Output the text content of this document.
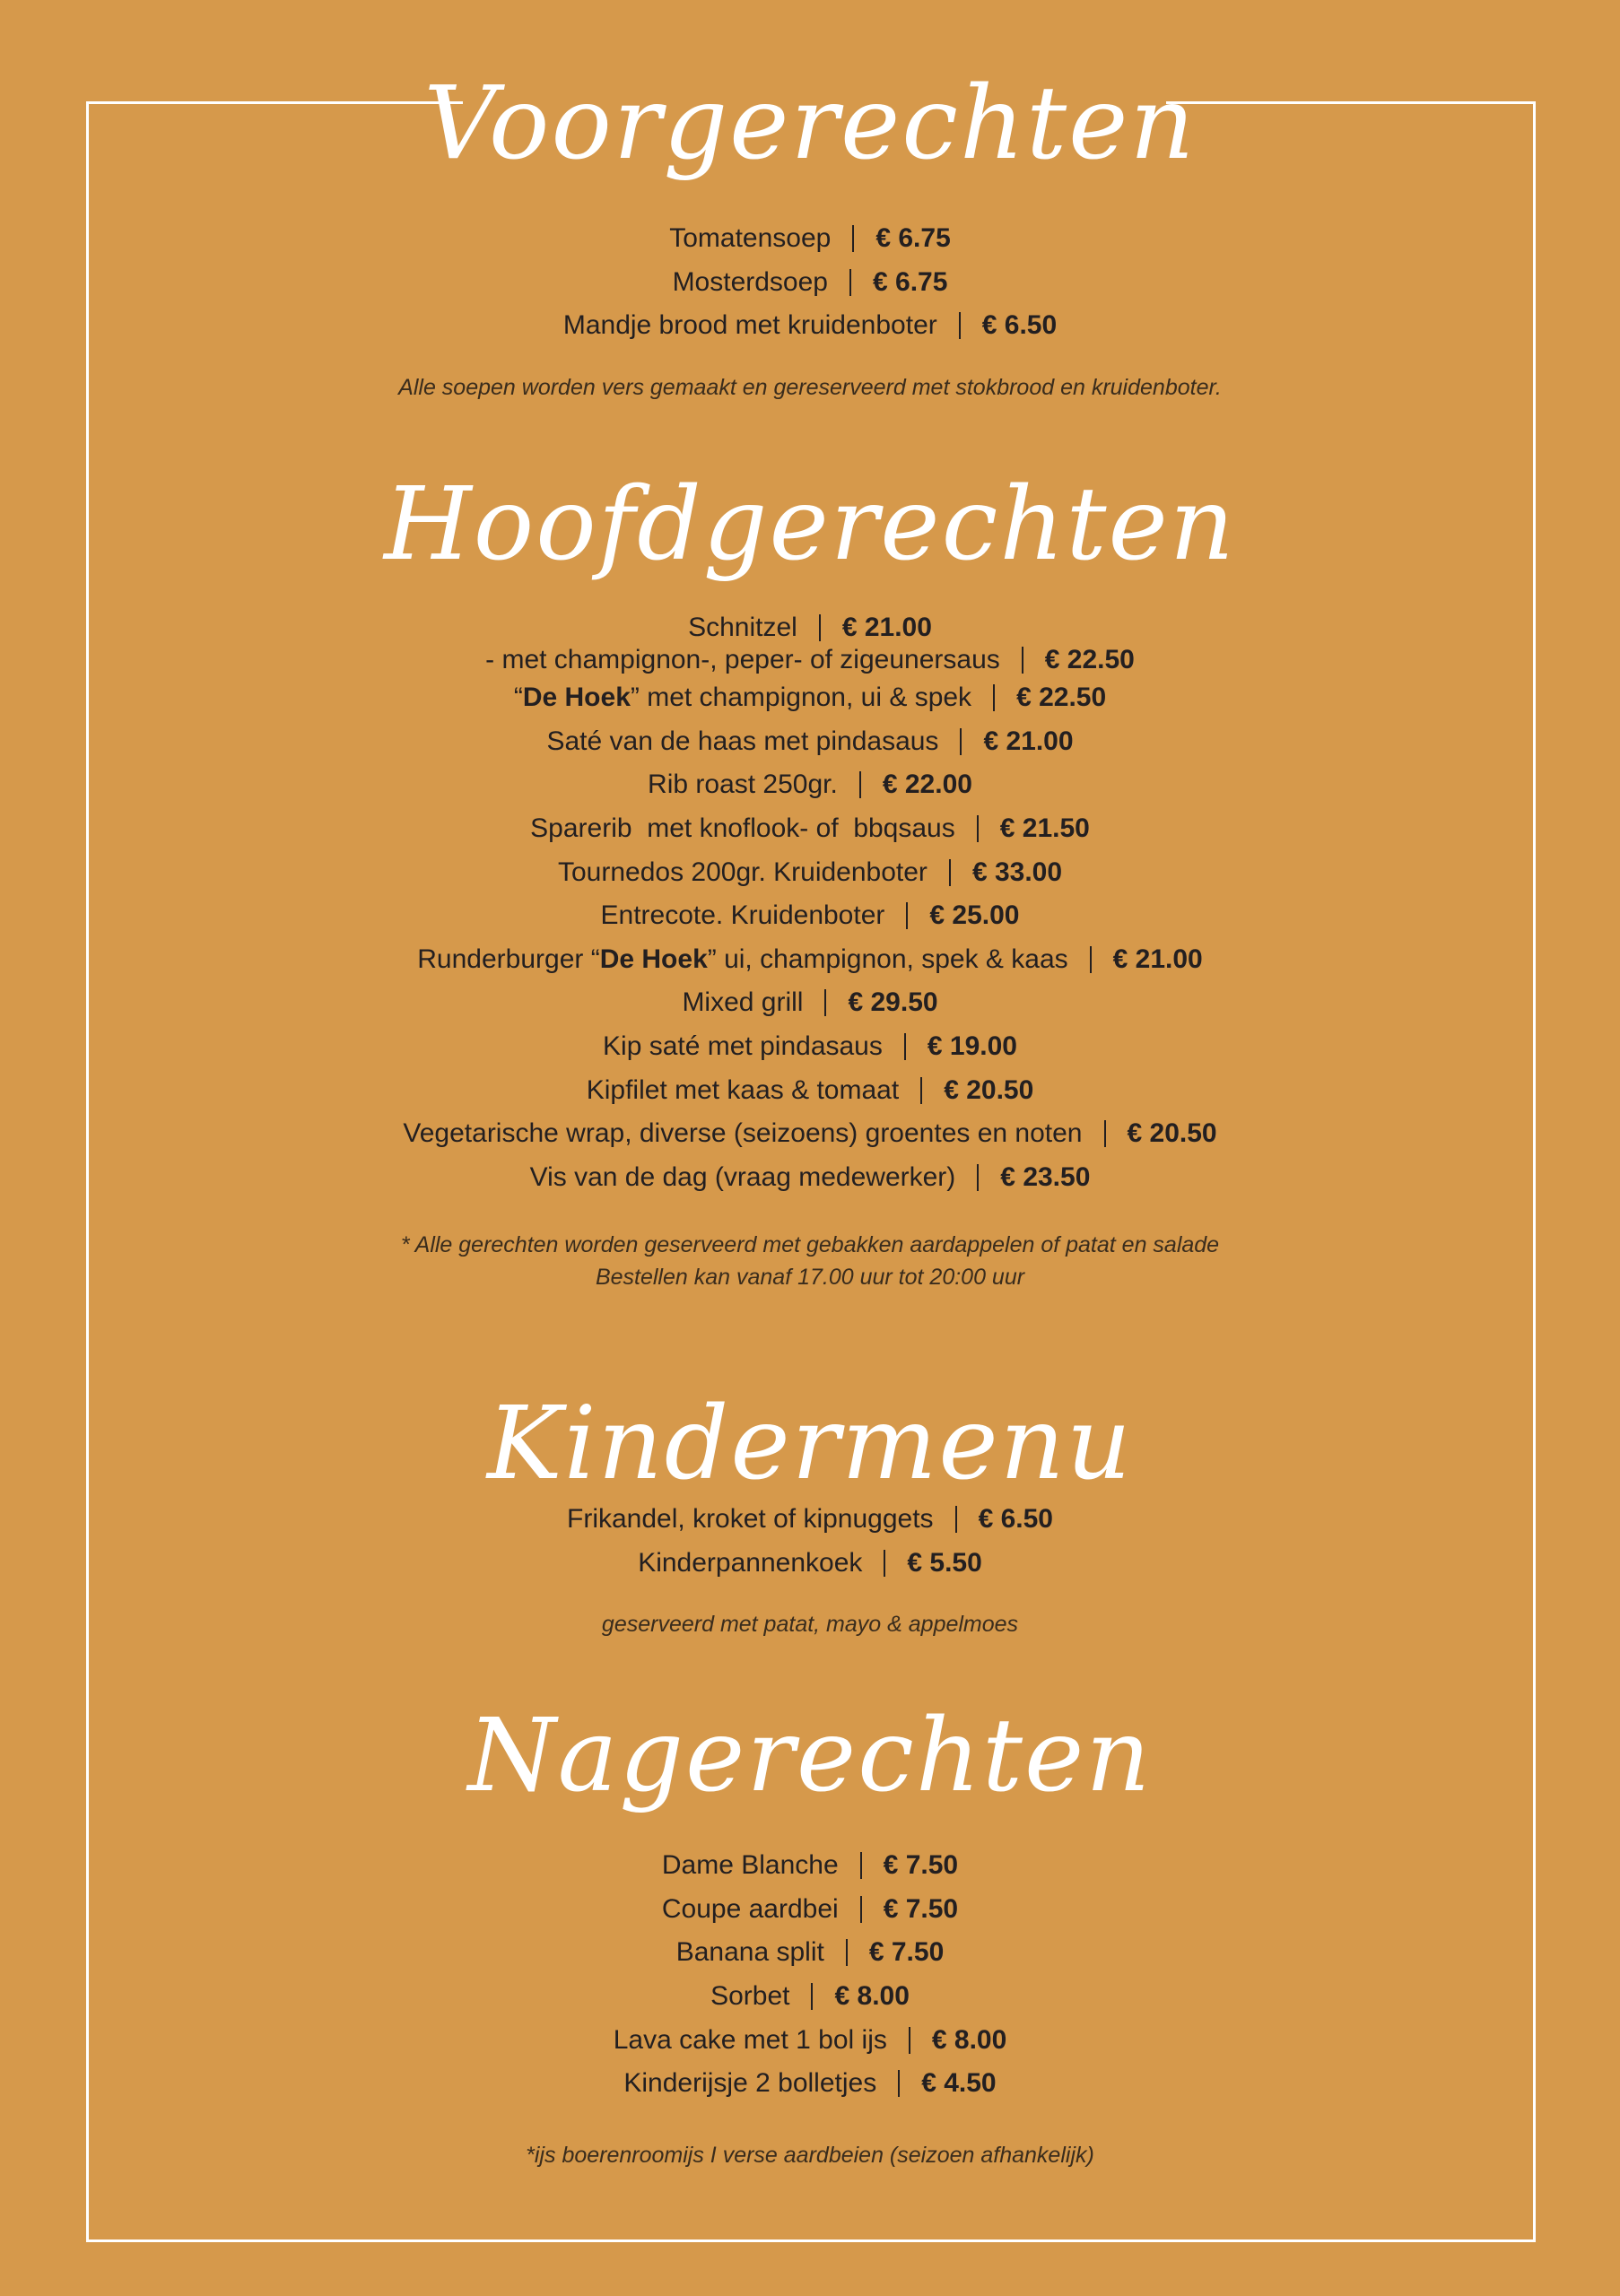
Voorgerechten
Tomatensoep € 6.75
Mosterdsoep € 6.75
Mandje brood met kruidenboter € 6.50
Alle soepen worden vers gemaakt en gereserveerd met stokbrood en kruidenboter.
Hoofdgerechten
Schnitzel € 21.00
- met champignon-, peper- of zigeunersaus € 22.50
“De Hoek” met champignon, ui & spek € 22.50
Saté van de haas met pindasaus € 21.00
Rib roast 250gr. € 22.00
Sparerib  met knoflook- of  bbqsaus € 21.50
Tournedos 200gr. Kruidenboter € 33.00
Entrecote. Kruidenboter € 25.00
Runderburger “De Hoek” ui, champignon, spek & kaas € 21.00
Mixed grill € 29.50
Kip saté met pindasaus € 19.00
Kipfilet met kaas & tomaat € 20.50
Vegetarische wrap, diverse (seizoens) groentes en noten € 20.50
Vis van de dag (vraag medewerker) € 23.50
* Alle gerechten worden geserveerd met gebakken aardappelen of patat en salade
Bestellen kan vanaf 17.00 uur tot 20:00 uur
Kindermenu
Frikandel, kroket of kipnuggets € 6.50
Kinderpannenkoek € 5.50
geserveerd met patat, mayo & appelmoes
Nagerechten
Dame Blanche € 7.50
Coupe aardbei € 7.50
Banana split € 7.50
Sorbet € 8.00
Lava cake met 1 bol ijs € 8.00
Kinderijsje 2 bolletjes € 4.50
*ijs boerenroomijs I verse aardbeien (seizoen afhankelijk)
